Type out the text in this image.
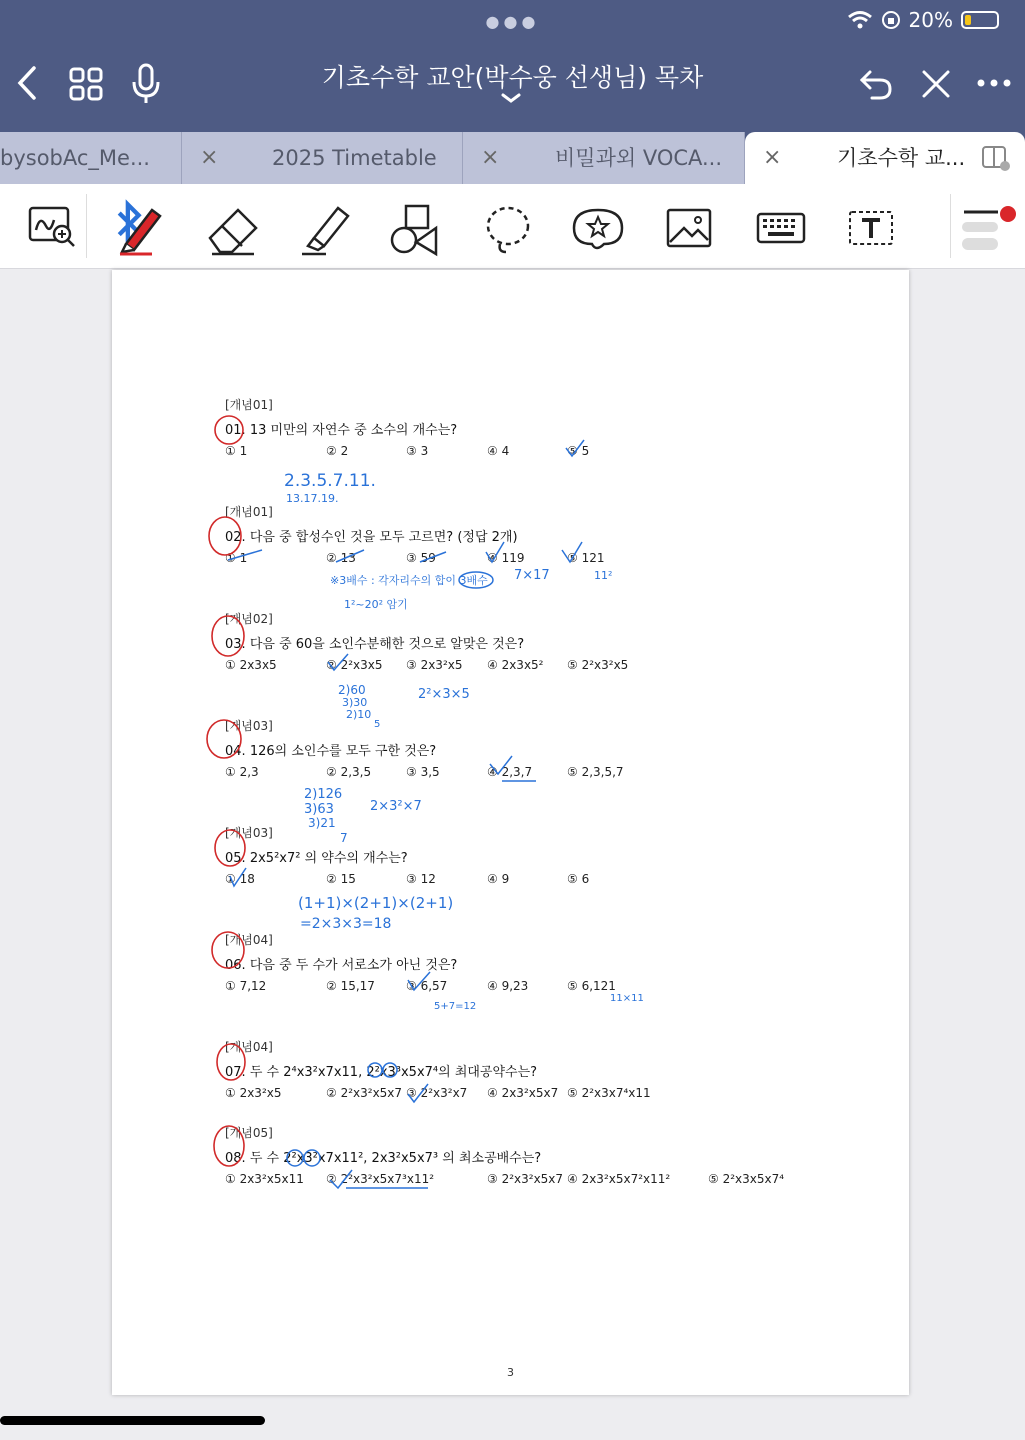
●●●	20%
기초수학 교안(박수웅 선생님) 목차
bysobAc_Me...	×	2025 Timetable ×	비밀과외 VOCA... ×	기초수학 교...
[개념01]
01. 13 미만의 자연수 중 소수의 개수는?
① 1	② 2	③ 3	④ 4	⑤ 5
[개념01]
02. 다음 중 합성수인 것을 모두 고르면? (정답 2개)
① 1	② 13	③ 59	④ 119	⑤ 121
[개념02]
03. 다음 중 60을 소인수분해한 것으로 알맞은 것은?
① 2x3x5	② 2²x3x5 ③ 2x3²x5 ④ 2x3x5² ⑤ 2²x3²x5
[개념03]
04. 126의 소인수를 모두 구한 것은?
① 2,3	② 2,3,5	③ 3,5	④ 2,3,7	⑤ 2,3,5,7
[개념03]
05. 2x5²x7² 의 약수의 개수는?
① 18	② 15	③ 12	④ 9	⑤ 6
[개념04]
06. 다음 중 두 수가 서로소가 아닌 것은?
① 7,12	② 15,17	③ 6,57	④ 9,23	⑤ 6,121
[개념04]
07. 두 수 2⁴x3²x7x11, 2²x3³x5x7⁴의 최대공약수는?
① 2x3²x5	② 2²x3²x5x7 ③ 2²x3²x7 ④ 2x3²x5x7 ⑤ 2²x3x7⁴x11
[개념05]
08. 두 수 2²x3²x7x11², 2x3²x5x7³ 의 최소공배수는?
① 2x3²x5x11 ② 2²x3²x5x7³x11²	③ 2²x3²x5x7 ④ 2x3²x5x7²x11²	⑤ 2²x3x5x7⁴
2.3.5.7.11.
13.17.19.
7×17	11²
※3배수 : 각자리수의 합이 3배수
1²~20² 암기
2)60
3)30
2)10
5
2²×3×5
2)126
3)63
3)21
7
2×3²×7
(1+1)×(2+1)×(2+1)
=2×3×3=18
5+7=12
11×11
3
